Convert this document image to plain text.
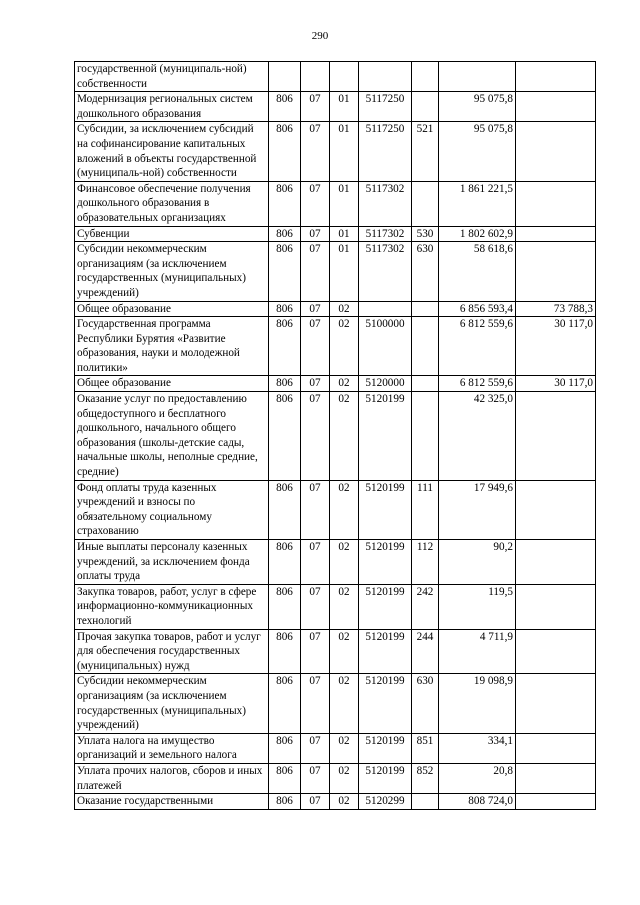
290
государственной (муниципаль-ной) собственности							
Модернизация региональных систем дошкольного образования	806	07	01	5117250		95 075,8	
Субсидии, за исключением субсидий на софинансирование капитальных вложений в объекты государственной (муниципаль-ной) собственности	806	07	01	5117250	521	95 075,8	
Финансовое обеспечение получения дошкольного образования в образовательных организациях	806	07	01	5117302		1 861 221,5	
Субвенции	806	07	01	5117302	530	1 802 602,9	
Субсидии некоммерческим организациям (за исключением государственных (муниципальных) учреждений)	806	07	01	5117302	630	58 618,6	
Общее образование	806	07	02			6 856 593,4	73 788,3
Государственная программа Республики Бурятия «Развитие образования, науки и молодежной политики»	806	07	02	5100000		6 812 559,6	30 117,0
Общее образование	806	07	02	5120000		6 812 559,6	30 117,0
Оказание услуг по предоставлению общедоступного и бесплатного дошкольного, начального общего образования (школы-детские сады, начальные школы, неполные средние, средние)	806	07	02	5120199		42 325,0	
Фонд оплаты труда казенных учреждений и взносы по обязательному социальному страхованию	806	07	02	5120199	111	17 949,6	
Иные выплаты персоналу казенных учреждений, за исключением фонда оплаты труда	806	07	02	5120199	112	90,2	
Закупка товаров, работ, услуг в сфере информационно-коммуникационных технологий	806	07	02	5120199	242	119,5	
Прочая закупка товаров, работ и услуг для обеспечения государственных (муниципальных) нужд	806	07	02	5120199	244	4 711,9	
Субсидии некоммерческим организациям (за исключением государственных (муниципальных) учреждений)	806	07	02	5120199	630	19 098,9	
Уплата налога на имущество организаций и земельного налога	806	07	02	5120199	851	334,1	
Уплата прочих налогов, сборов и иных платежей	806	07	02	5120199	852	20,8	
Оказание государственными	806	07	02	5120299		808 724,0	
